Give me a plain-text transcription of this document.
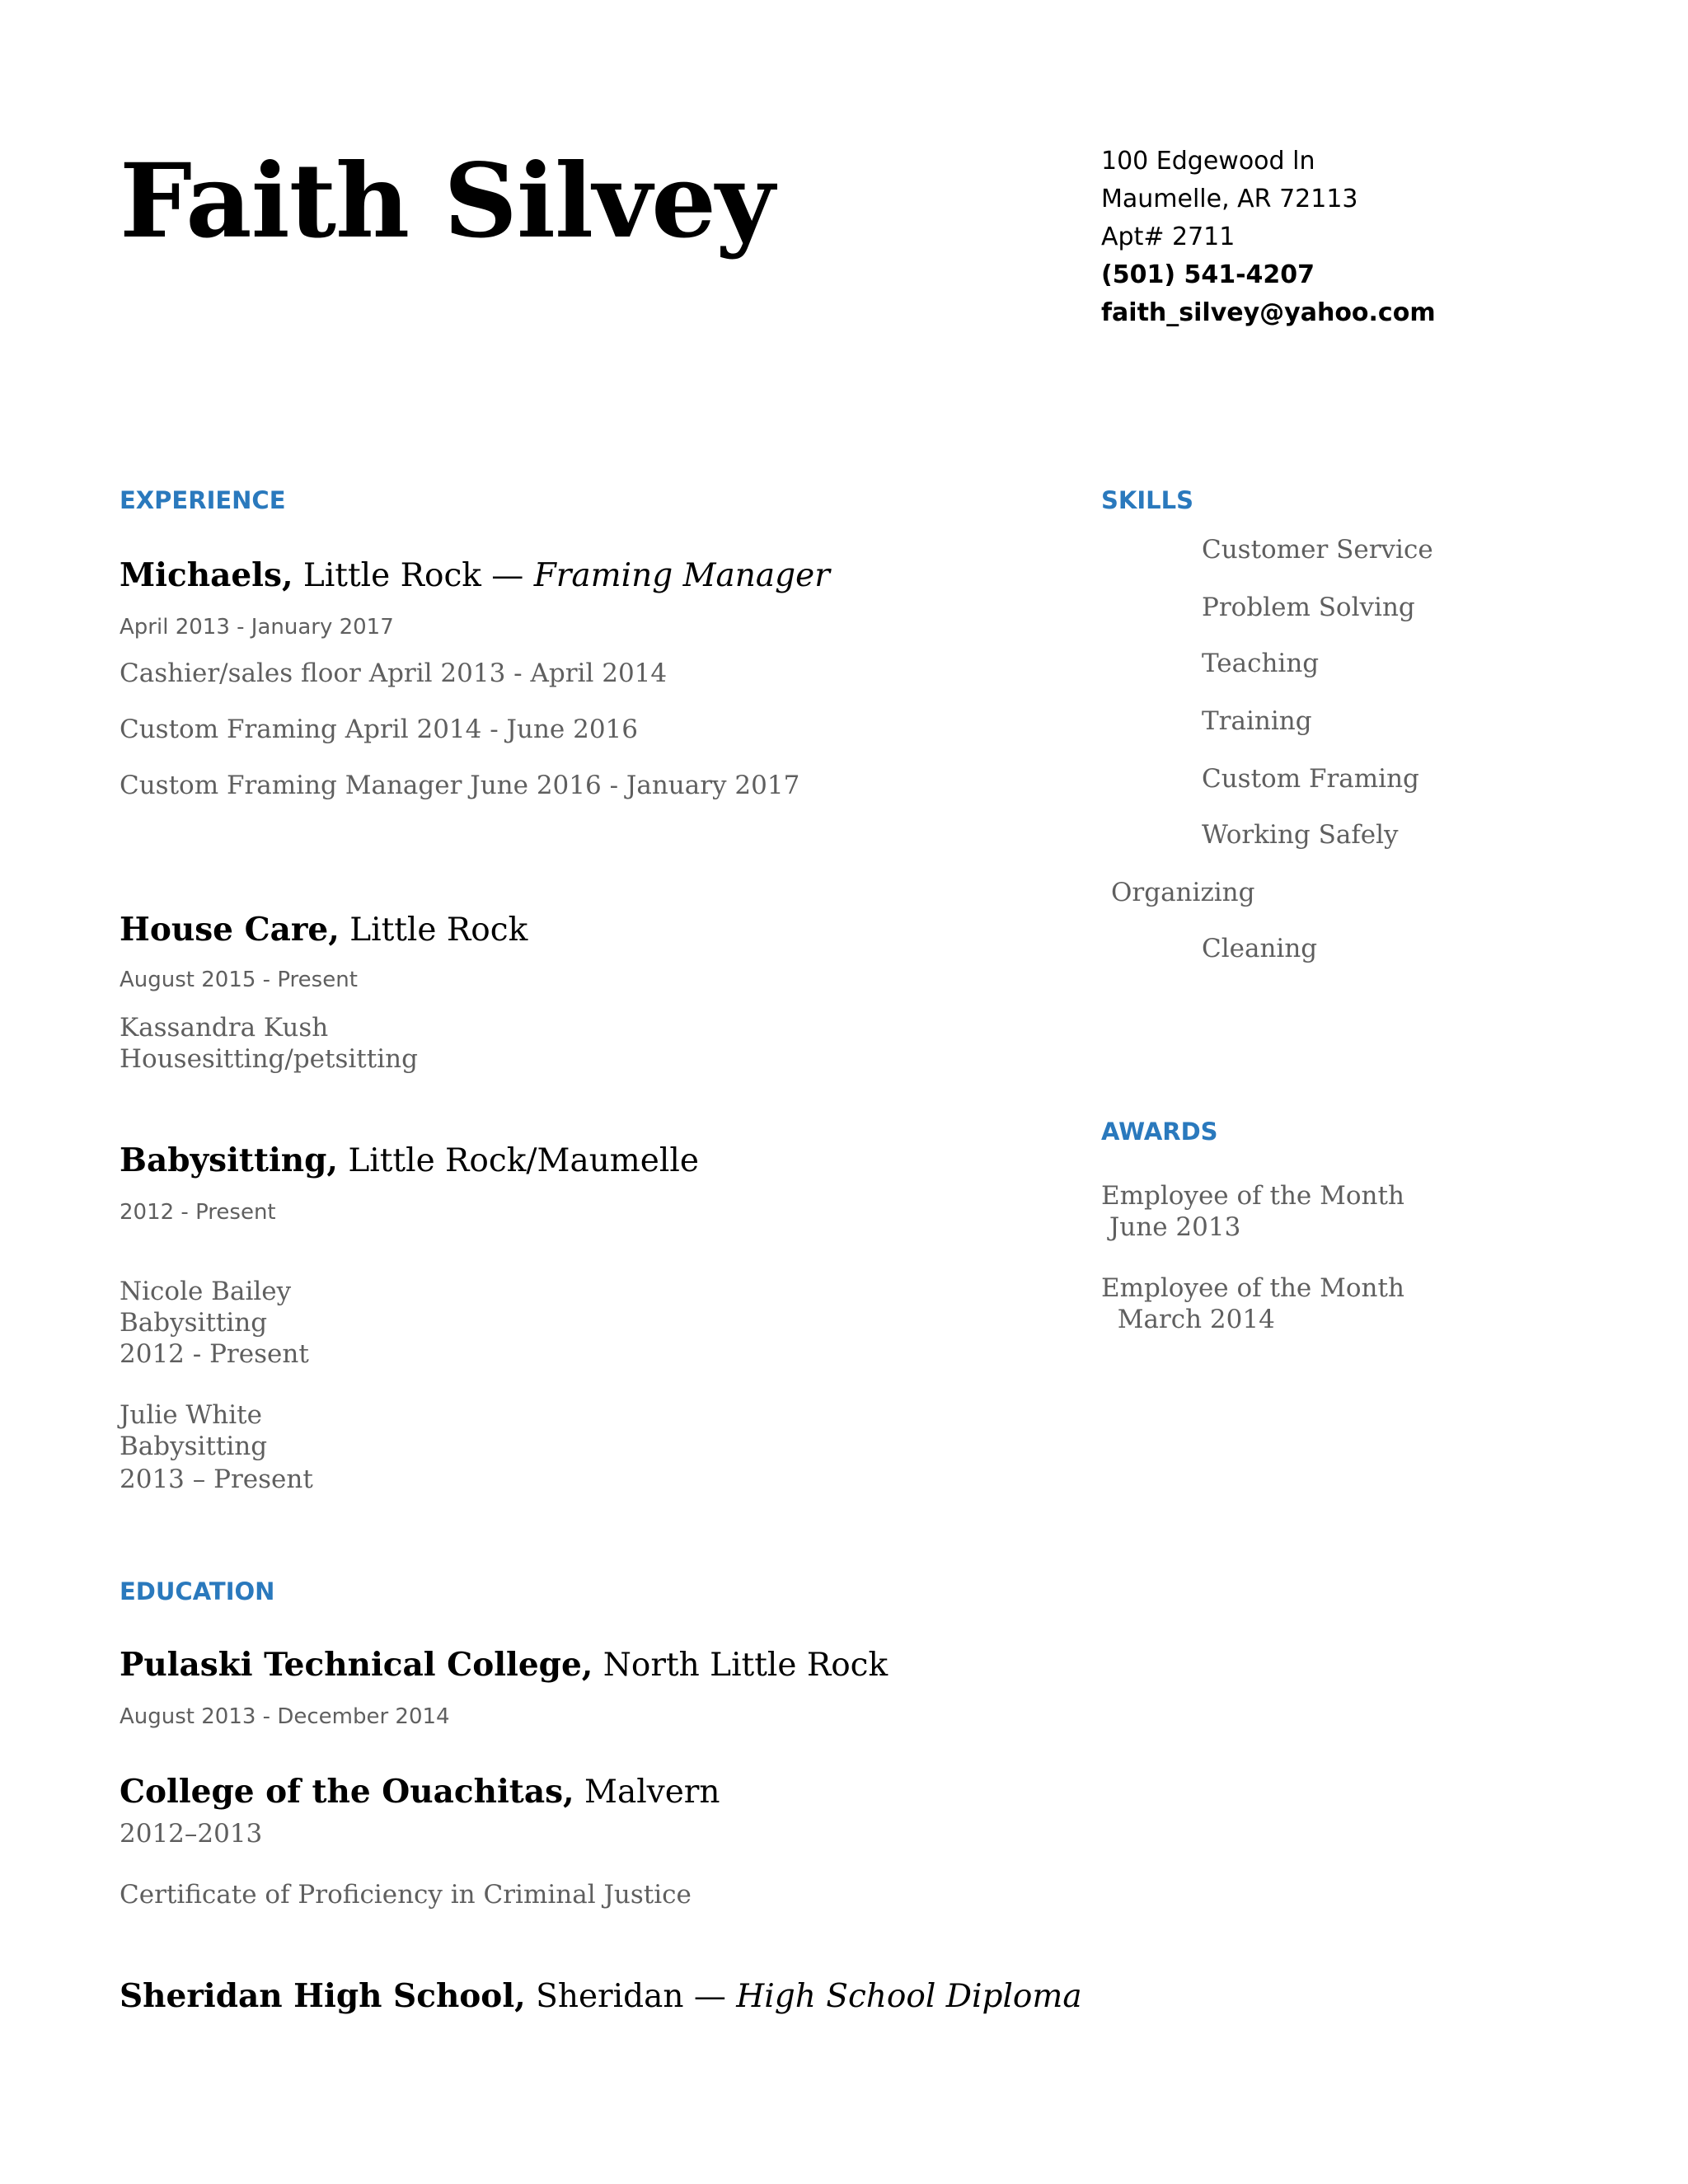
Faith Silvey	100 Edgewood ln
Maumelle, AR 72113
Apt# 2711
(501) 541-4207
faith_silvey@yahoo.com
EXPERIENCE
Michaels, Little Rock — Framing Manager
April 2013 - January 2017
Cashier/sales floor April 2013 - April 2014
Custom Framing April 2014 - June 2016
Custom Framing Manager June 2016 - January 2017
House Care, Little Rock
August 2015 - Present
Kassandra Kush
Housesitting/petsitting
Babysitting, Little Rock/Maumelle
2012 - Present
Nicole Bailey
Babysitting
2012 - Present
Julie White
Babysitting
2013 – Present
EDUCATION
Pulaski Technical College, North Little Rock
August 2013 - December 2014
College of the Ouachitas, Malvern
2012–2013
Certificate of Proficiency in Criminal Justice
Sheridan High School, Sheridan — High School Diploma
SKILLS
Customer Service
Problem Solving
Teaching
Training
Custom Framing
Working Safely
Organizing
Cleaning
AWARDS
Employee of the Month
June 2013
Employee of the Month
March 2014
